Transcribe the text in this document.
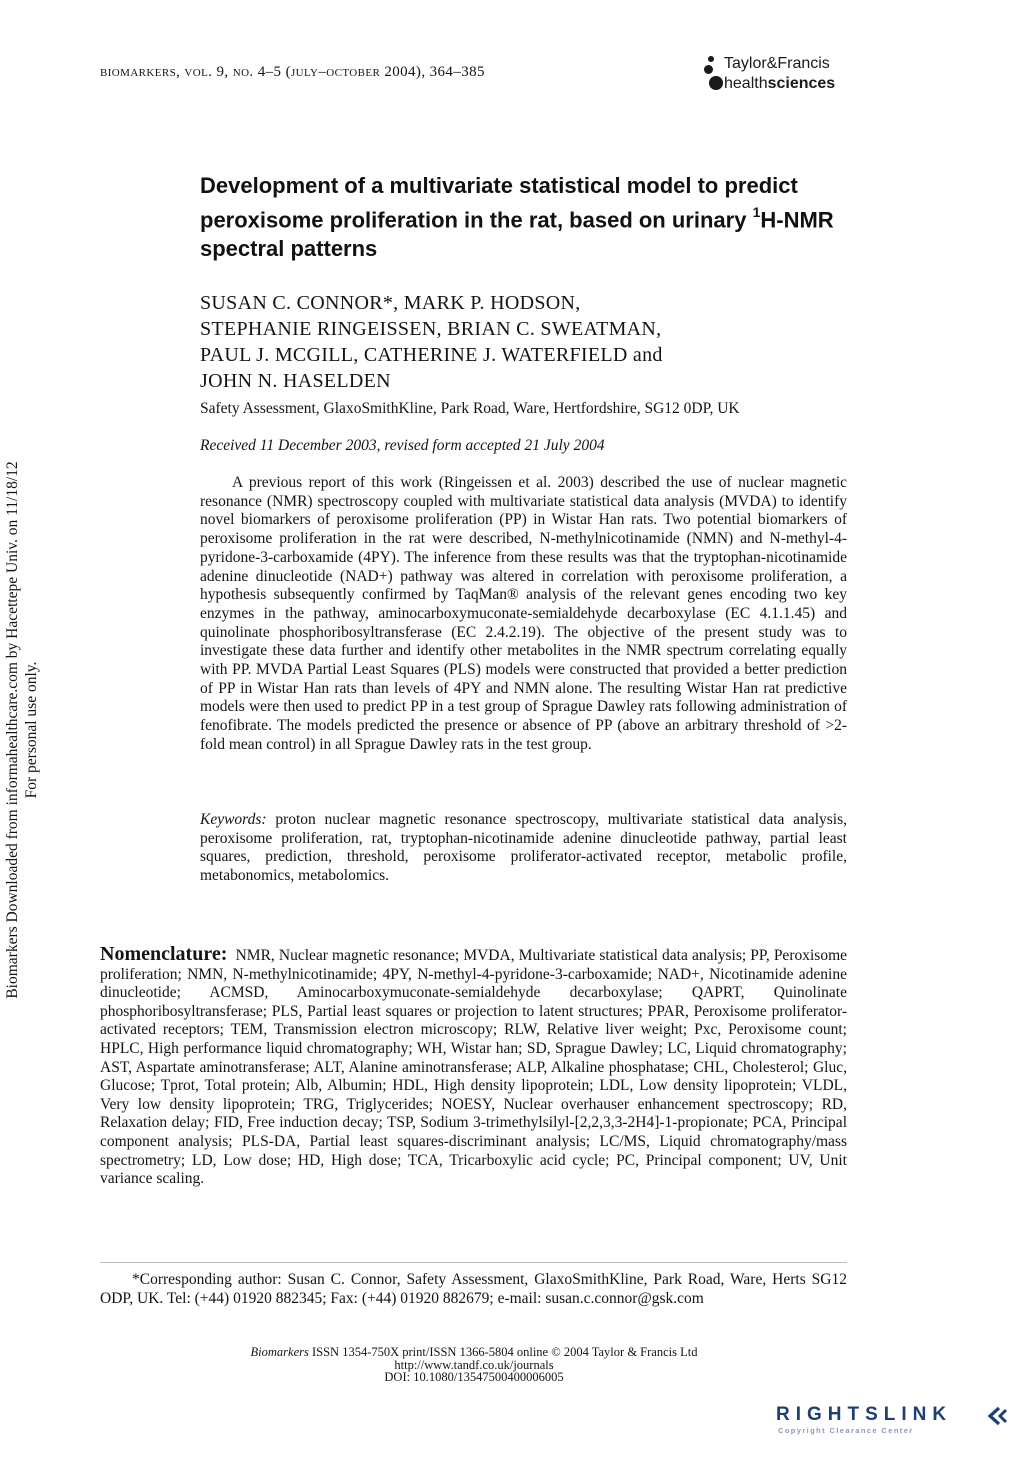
biomarkers, vol. 9, no. 4–5 (july–october 2004), 364–385	Taylor&Francis
healthsciences
Development of a multivariate statistical model to predict peroxisome proliferation in the rat, based on urinary $^1$H-NMR spectral patterns
SUSAN C. CONNOR*, MARK P. HODSON,
STEPHANIE RINGEISSEN, BRIAN C. SWEATMAN,
PAUL J. MCGILL, CATHERINE J. WATERFIELD and
JOHN N. HASELDEN
Safety Assessment, GlaxoSmithKline, Park Road, Ware, Hertfordshire, SG12 0DP, UK
Received 11 December 2003, revised form accepted 21 July 2004
A previous report of this work (Ringeissen et al. 2003) described the use of nuclear magnetic resonance (NMR) spectroscopy coupled with multivariate statistical data analysis (MVDA) to identify novel biomarkers of peroxisome proliferation (PP) in Wistar Han rats. Two potential biomarkers of peroxisome proliferation in the rat were described, N-methylnicotinamide (NMN) and N-methyl-4-pyridone-3-carboxamide (4PY). The inference from these results was that the tryptophan-nicotinamide adenine dinucleotide (NAD+) pathway was altered in correlation with peroxisome proliferation, a hypothesis subsequently confirmed by TaqMan® analysis of the relevant genes encoding two key enzymes in the pathway, aminocarboxymuconate-semialdehyde decarboxylase (EC 4.1.1.45) and quinolinate phosphoribosyltransferase (EC 2.4.2.19). The objective of the present study was to investigate these data further and identify other metabolites in the NMR spectrum correlating equally with PP. MVDA Partial Least Squares (PLS) models were constructed that provided a better prediction of PP in Wistar Han rats than levels of 4PY and NMN alone. The resulting Wistar Han rat predictive models were then used to predict PP in a test group of Sprague Dawley rats following administration of fenofibrate. The models predicted the presence or absence of PP (above an arbitrary threshold of >2-fold mean control) in all Sprague Dawley rats in the test group.
Keywords: proton nuclear magnetic resonance spectroscopy, multivariate statistical data analysis, peroxisome proliferation, rat, tryptophan-nicotinamide adenine dinucleotide pathway, partial least squares, prediction, threshold, peroxisome proliferator-activated receptor, metabolic profile, metabonomics, metabolomics.
Nomenclature: NMR, Nuclear magnetic resonance; MVDA, Multivariate statistical data analysis; PP, Peroxisome proliferation; NMN, N-methylnicotinamide; 4PY, N-methyl-4-pyridone-3-carboxamide; NAD+, Nicotinamide adenine dinucleotide; ACMSD, Aminocarboxymuconate-semialdehyde decarboxylase; QAPRT, Quinolinate phosphoribosyltransferase; PLS, Partial least squares or projection to latent structures; PPAR, Peroxisome proliferator-activated receptors; TEM, Transmission electron microscopy; RLW, Relative liver weight; Pxc, Peroxisome count; HPLC, High performance liquid chromatography; WH, Wistar han; SD, Sprague Dawley; LC, Liquid chromatography; AST, Aspartate aminotransferase; ALT, Alanine aminotransferase; ALP, Alkaline phosphatase; CHL, Cholesterol; Gluc, Glucose; Tprot, Total protein; Alb, Albumin; HDL, High density lipoprotein; LDL, Low density lipoprotein; VLDL, Very low density lipoprotein; TRG, Triglycerides; NOESY, Nuclear overhauser enhancement spectroscopy; RD, Relaxation delay; FID, Free induction decay; TSP, Sodium 3-trimethylsilyl-[2,2,3,3-2H4]-1-propionate; PCA, Principal component analysis; PLS-DA, Partial least squares-discriminant analysis; LC/MS, Liquid chromatography/mass spectrometry; LD, Low dose; HD, High dose; TCA, Tricarboxylic acid cycle; PC, Principal component; UV, Unit variance scaling.
*Corresponding author: Susan C. Connor, Safety Assessment, GlaxoSmithKline, Park Road, Ware, Herts SG12 ODP, UK. Tel: (+44) 01920 882345; Fax: (+44) 01920 882679; e-mail: susan.c.connor@gsk.com
Biomarkers ISSN 1354-750X print/ISSN 1366-5804 online © 2004 Taylor & Francis Ltd
http://www.tandf.co.uk/journals
DOI: 10.1080/13547500400006005
Biomarkers Downloaded from informahealthcare.com by Hacettepe Univ. on 11/18/12 For personal use only.
RIGHTSLINK
Copyright Clearance Center
